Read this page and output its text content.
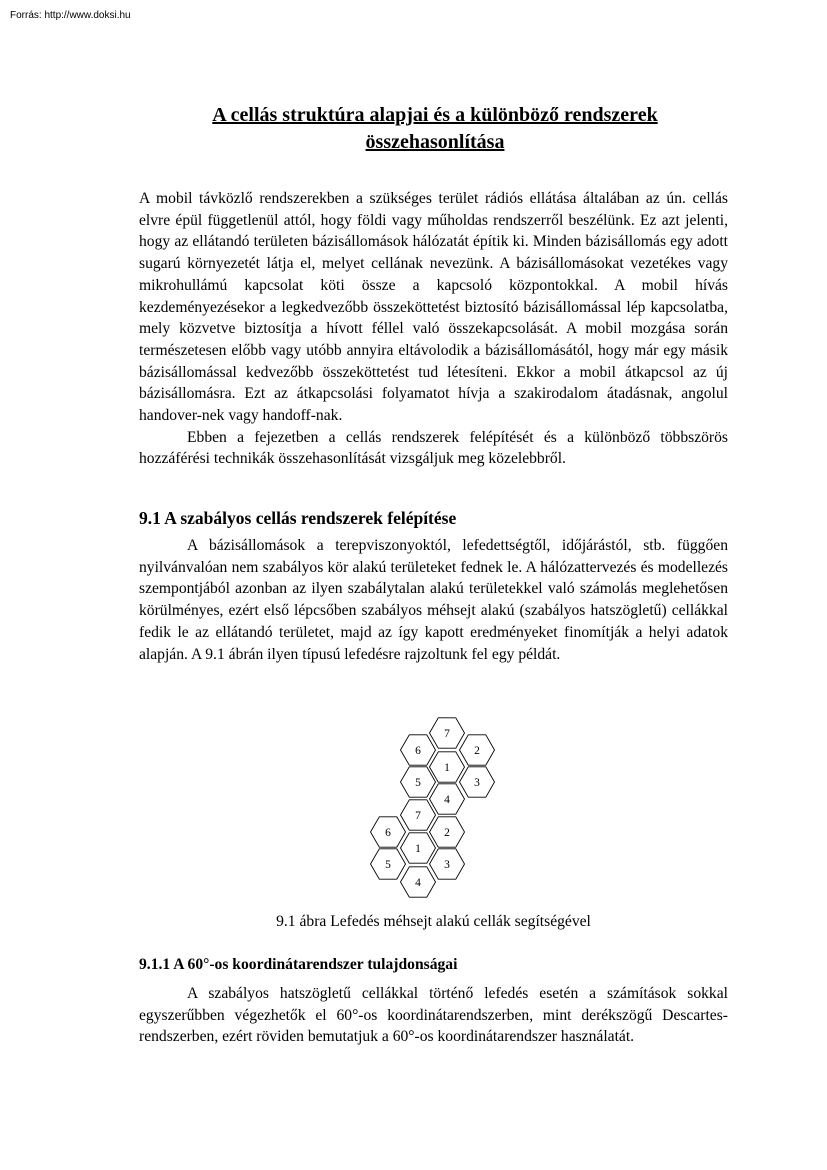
Forrás: http://www.doksi.hu
A cellás struktúra alapjai és a különböző rendszerek
összehasonlítása

A mobil távközlő rendszerekben a szükséges terület rádiós ellátása általában az ún. cellás elvre épül függetlenül attól, hogy földi vagy műholdas rendszerről beszélünk. Ez azt jelenti, hogy az ellátandó területen bázisállomások hálózatát építik ki. Minden bázisállomás egy adott sugarú környezetét látja el, melyet cellának nevezünk. A bázisállomásokat vezetékes vagy mikrohullámú kapcsolat köti össze a kapcsoló központokkal. A mobil hívás kezdeményezésekor a legkedvezőbb összeköttetést biztosító bázisállomással lép kapcsolatba, mely közvetve biztosítja a hívott féllel való összekapcsolását. A mobil mozgása során természetesen előbb vagy utóbb annyira eltávolodik a bázisállomásától, hogy már egy másik bázisállomással kedvezőbb összeköttetést tud létesíteni. Ekkor a mobil átkapcsol az új bázisállomásra. Ezt az átkapcsolási folyamatot hívja a szakirodalom átadásnak, angolul handover-nek vagy handoff-nak.

Ebben a fejezetben a cellás rendszerek felépítését és a különböző többszörös hozzáférési technikák összehasonlítását vizsgáljuk meg közelebbről.

9.1 A szabályos cellás rendszerek felépítése

A bázisállomások a terepviszonyoktól, lefedettségtől, időjárástól, stb. függően nyilvánvalóan nem szabályos kör alakú területeket fednek le. A hálózattervezés és modellezés szempontjából azonban az ilyen szabálytalan alakú területekkel való számolás meglehetősen körülményes, ezért első lépcsőben szabályos méhsejt alakú (szabályos hatszögletű) cellákkal fedik le az ellátandó területet, majd az így kapott eredményeket finomítják a helyi adatok alapján. A 9.1 ábrán ilyen típusú lefedésre rajzoltunk fel egy példát.

7
6	2
1
5	3
4
7
6	2
1
5	3
4
9.1 ábra Lefedés méhsejt alakú cellák segítségével
9.1.1 A 60°-os koordinátarendszer tulajdonságai

A szabályos hatszögletű cellákkal történő lefedés esetén a számítások sokkal egyszerűbben végezhetők el 60°-os koordinátarendszerben, mint derékszögű Descartes-rendszerben, ezért röviden bemutatjuk a 60°-os koordinátarendszer használatát.
